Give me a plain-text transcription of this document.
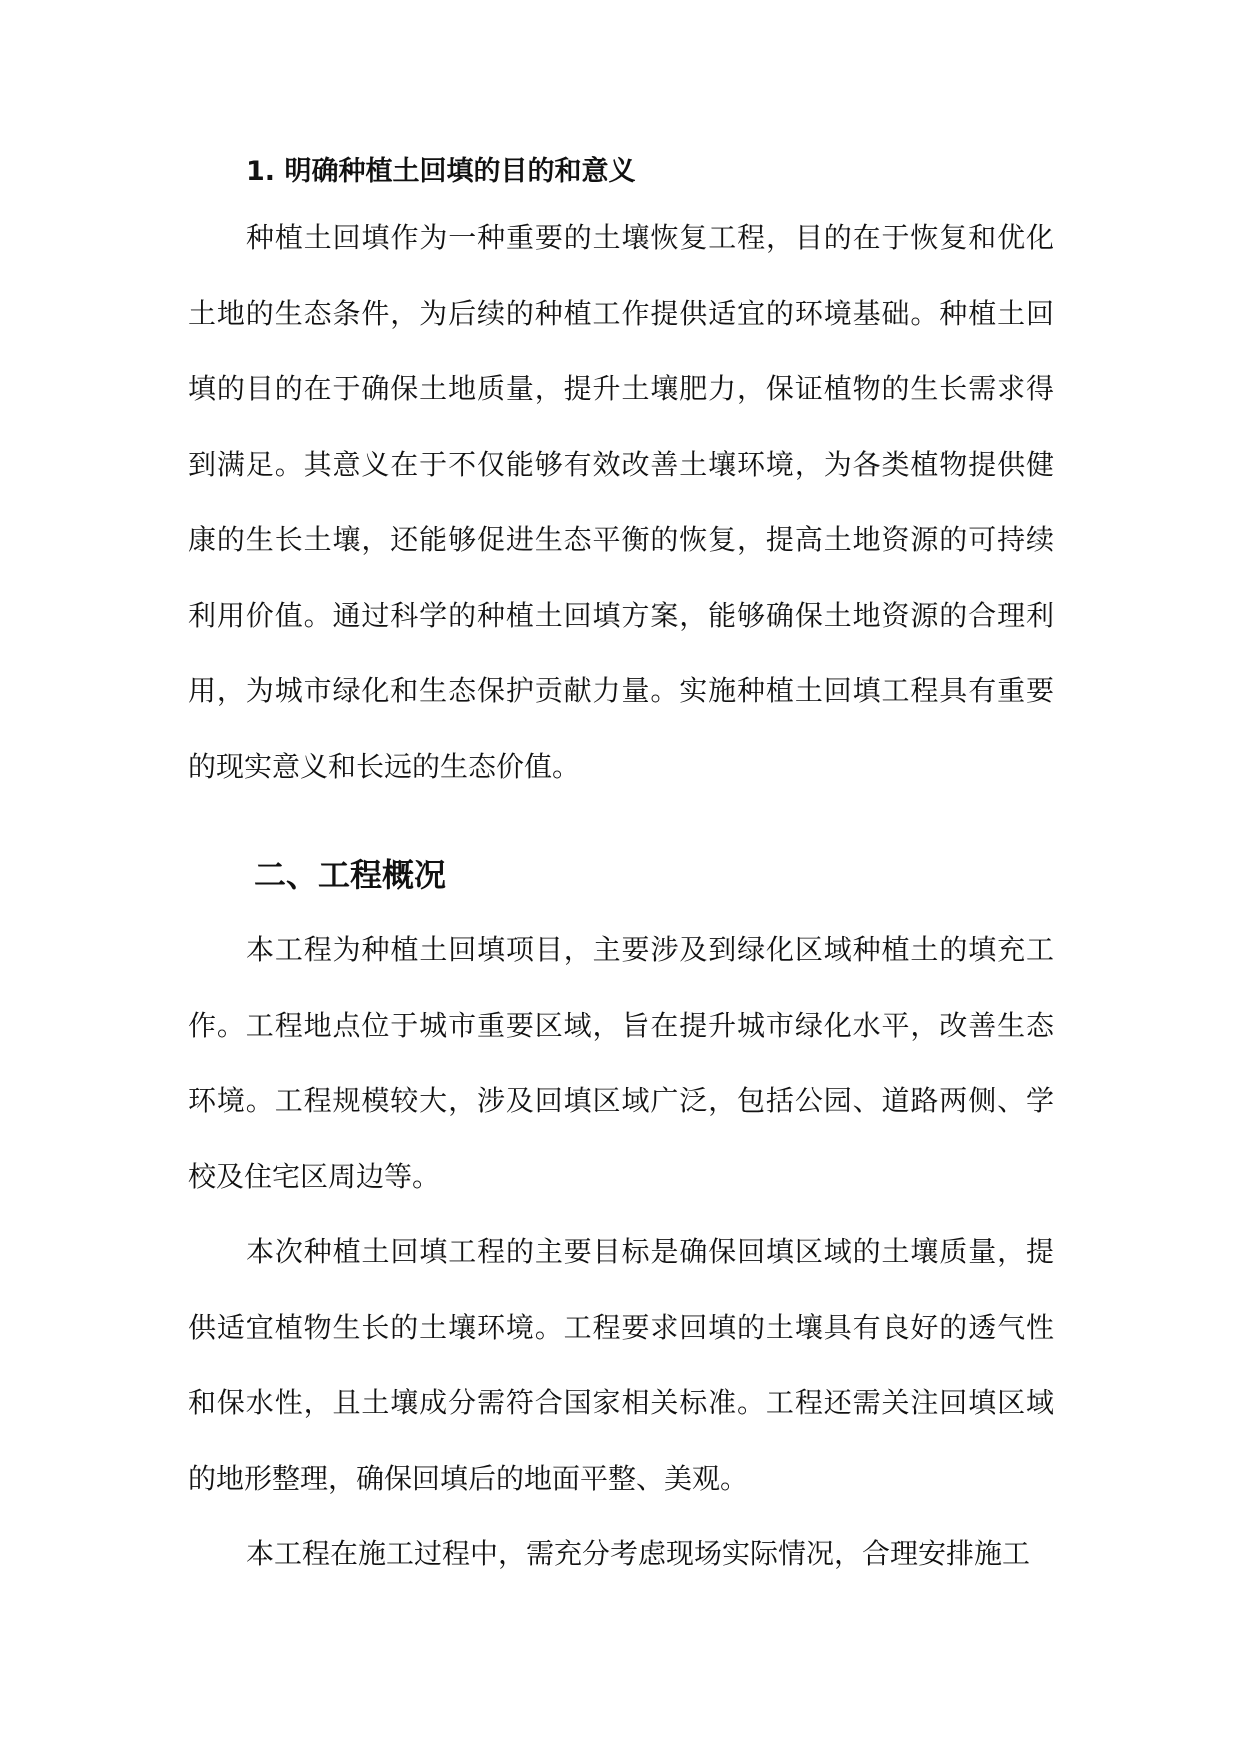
1. 明确种植土回填的目的和意义

种植土回填作为一种重要的土壤恢复工程，目的在于恢复和优化土地的生态条件，为后续的种植工作提供适宜的环境基础。种植土回填的目的在于确保土地质量，提升土壤肥力，保证植物的生长需求得到满足。其意义在于不仅能够有效改善土壤环境，为各类植物提供健康的生长土壤，还能够促进生态平衡的恢复，提高土地资源的可持续利用价值。通过科学的种植土回填方案，能够确保土地资源的合理利用，为城市绿化和生态保护贡献力量。实施种植土回填工程具有重要的现实意义和长远的生态价值。

二、工程概况

本工程为种植土回填项目，主要涉及到绿化区域种植土的填充工作。工程地点位于城市重要区域，旨在提升城市绿化水平，改善生态环境。工程规模较大，涉及回填区域广泛，包括公园、道路两侧、学校及住宅区周边等。

本次种植土回填工程的主要目标是确保回填区域的土壤质量，提供适宜植物生长的土壤环境。工程要求回填的土壤具有良好的透气性和保水性，且土壤成分需符合国家相关标准。工程还需关注回填区域的地形整理，确保回填后的地面平整、美观。

本工程在施工过程中，需充分考虑现场实际情况，合理安排施工
